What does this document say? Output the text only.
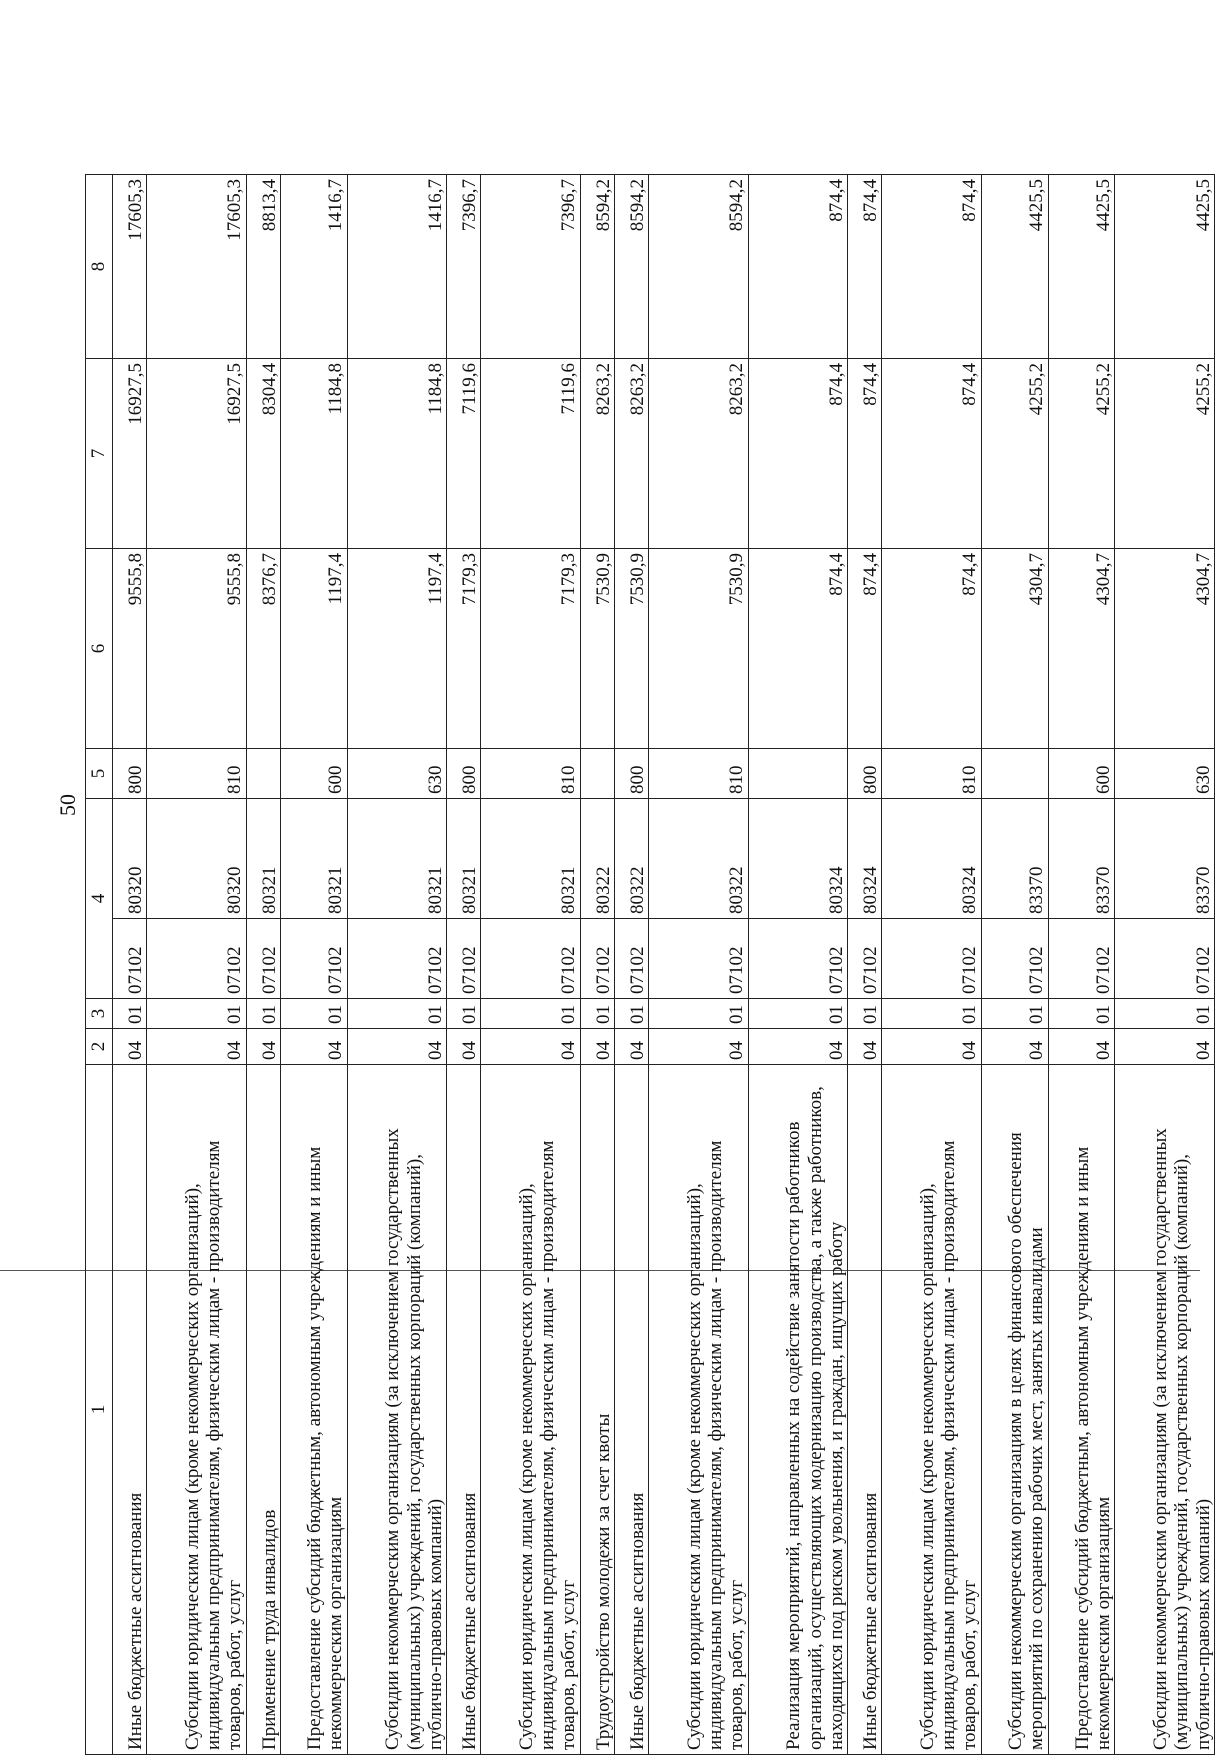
50
1	2	3	4		5	6	7	8
Иные бюджетные ассигнования	04	01	07102	80320	800	9555,8	16927,5	17605,3
Субсидии юридическим лицам (кроме некоммерческих организаций), индивидуальным предпринимателям, физическим лицам - производителям товаров, работ, услуг	04	01	07102	80320	810	9555,8	16927,5	17605,3
Применение труда инвалидов	04	01	07102	80321		8376,7	8304,4	8813,4
Предоставление субсидий бюджетным, автономным учреждениям и иным некоммерческим организациям	04	01	07102	80321	600	1197,4	1184,8	1416,7
Субсидии некоммерческим организациям (за исключением государственных (муниципальных) учреждений, государственных корпораций (компаний), публично-правовых компаний)	04	01	07102	80321	630	1197,4	1184,8	1416,7
Иные бюджетные ассигнования	04	01	07102	80321	800	7179,3	7119,6	7396,7
Субсидии юридическим лицам (кроме некоммерческих организаций), индивидуальным предпринимателям, физическим лицам - производителям товаров, работ, услуг	04	01	07102	80321	810	7179,3	7119,6	7396,7
Трудоустройство молодежи за счет квоты	04	01	07102	80322		7530,9	8263,2	8594,2
Иные бюджетные ассигнования	04	01	07102	80322	800	7530,9	8263,2	8594,2
Субсидии юридическим лицам (кроме некоммерческих организаций), индивидуальным предпринимателям, физическим лицам - производителям товаров, работ, услуг	04	01	07102	80322	810	7530,9	8263,2	8594,2
Реализация мероприятий, направленных на содействие занятости работников организаций, осуществляющих модернизацию производства, а также работников, находящихся под риском увольнения, и граждан, ищущих работу	04	01	07102	80324		874,4	874,4	874,4
Иные бюджетные ассигнования	04	01	07102	80324	800	874,4	874,4	874,4
Субсидии юридическим лицам (кроме некоммерческих организаций), индивидуальным предпринимателям, физическим лицам - производителям товаров, работ, услуг	04	01	07102	80324	810	874,4	874,4	874,4
Субсидии некоммерческим организациям в целях финансового обеспечения мероприятий по сохранению рабочих мест, занятых инвалидами	04	01	07102	83370		4304,7	4255,2	4425,5
Предоставление субсидий бюджетным, автономным учреждениям и иным некоммерческим организациям	04	01	07102	83370	600	4304,7	4255,2	4425,5
Субсидии некоммерческим организациям (за исключением государственных (муниципальных) учреждений, государственных корпораций (компаний), публично-правовых компаний)	04	01	07102	83370	630	4304,7	4255,2	4425,5
